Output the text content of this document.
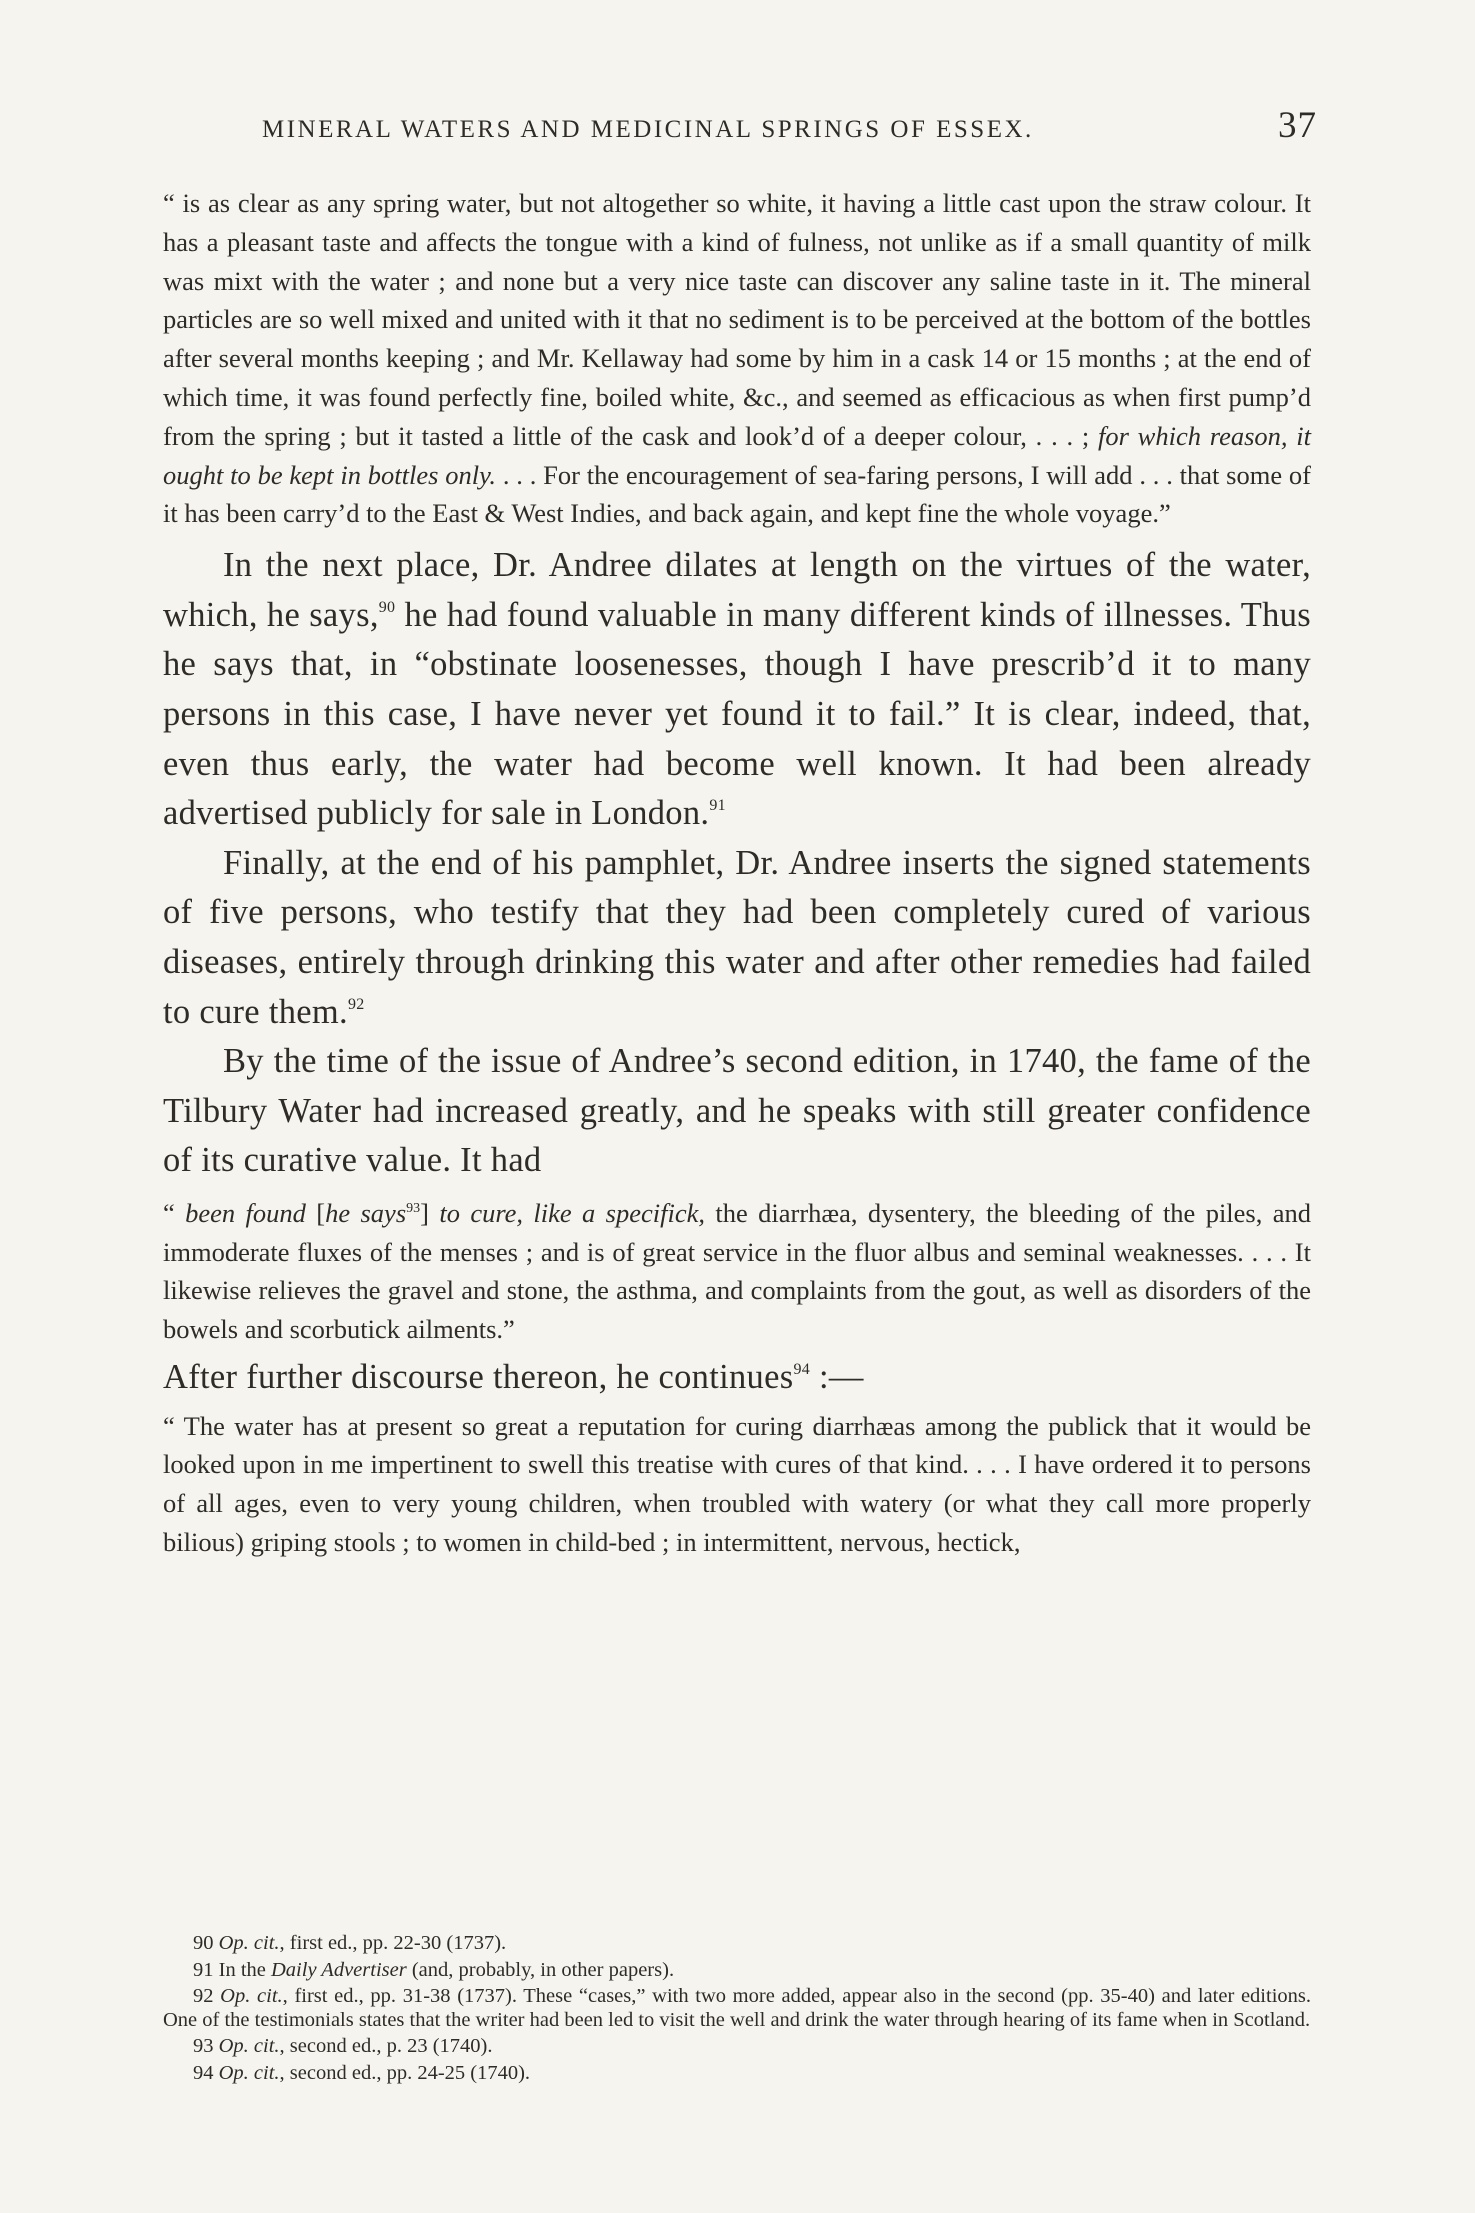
MINERAL WATERS AND MEDICINAL SPRINGS OF ESSEX.	37

“ is as clear as any spring water, but not altogether so white, it having a little cast upon the straw colour. It has a pleasant taste and affects the tongue with a kind of fulness, not unlike as if a small quantity of milk was mixt with the water ; and none but a very nice taste can discover any saline taste in it. The mineral particles are so well mixed and united with it that no sediment is to be perceived at the bottom of the bottles after several months keeping ; and Mr. Kellaway had some by him in a cask 14 or 15 months ; at the end of which time, it was found perfectly fine, boiled white, &c., and seemed as efficacious as when first pump’d from the spring ; but it tasted a little of the cask and look’d of a deeper colour, . . . ; for which reason, it ought to be kept in bottles only. . . . For the encouragement of sea-faring persons, I will add . . . that some of it has been carry’d to the East & West Indies, and back again, and kept fine the whole voyage.”

In the next place, Dr. Andree dilates at length on the virtues of the water, which, he says,$^{90}$ he had found valuable in many different kinds of illnesses. Thus he says that, in “obstinate loosenesses, though I have prescrib’d it to many persons in this case, I have never yet found it to fail.” It is clear, indeed, that, even thus early, the water had become well known. It had been already advertised publicly for sale in London.$^{91}$

Finally, at the end of his pamphlet, Dr. Andree inserts the signed statements of five persons, who testify that they had been completely cured of various diseases, entirely through drinking this water and after other remedies had failed to cure them.$^{92}$

By the time of the issue of Andree’s second edition, in 1740, the fame of the Tilbury Water had increased greatly, and he speaks with still greater confidence of its curative value. It had

“ been found [he says$^{93}$] to cure, like a specifick, the diarrhæa, dysentery, the bleeding of the piles, and immoderate fluxes of the menses ; and is of great service in the fluor albus and seminal weaknesses. . . . It likewise relieves the gravel and stone, the asthma, and complaints from the gout, as well as disorders of the bowels and scorbutick ailments.”

After further discourse thereon, he continues$^{94}$ :—

“ The water has at present so great a reputation for curing diarrhæas among the publick that it would be looked upon in me impertinent to swell this treatise with cures of that kind. . . . I have ordered it to persons of all ages, even to very young children, when troubled with watery (or what they call more properly bilious) griping stools ; to women in child-bed ; in intermittent, nervous, hectick,

90 Op. cit., first ed., pp. 22-30 (1737).

91 In the Daily Advertiser (and, probably, in other papers).

92 Op. cit., first ed., pp. 31-38 (1737). These “cases,” with two more added, appear also in the second (pp. 35-40) and later editions. One of the testimonials states that the writer had been led to visit the well and drink the water through hearing of its fame when in Scotland.

93 Op. cit., second ed., p. 23 (1740).

94 Op. cit., second ed., pp. 24-25 (1740).
